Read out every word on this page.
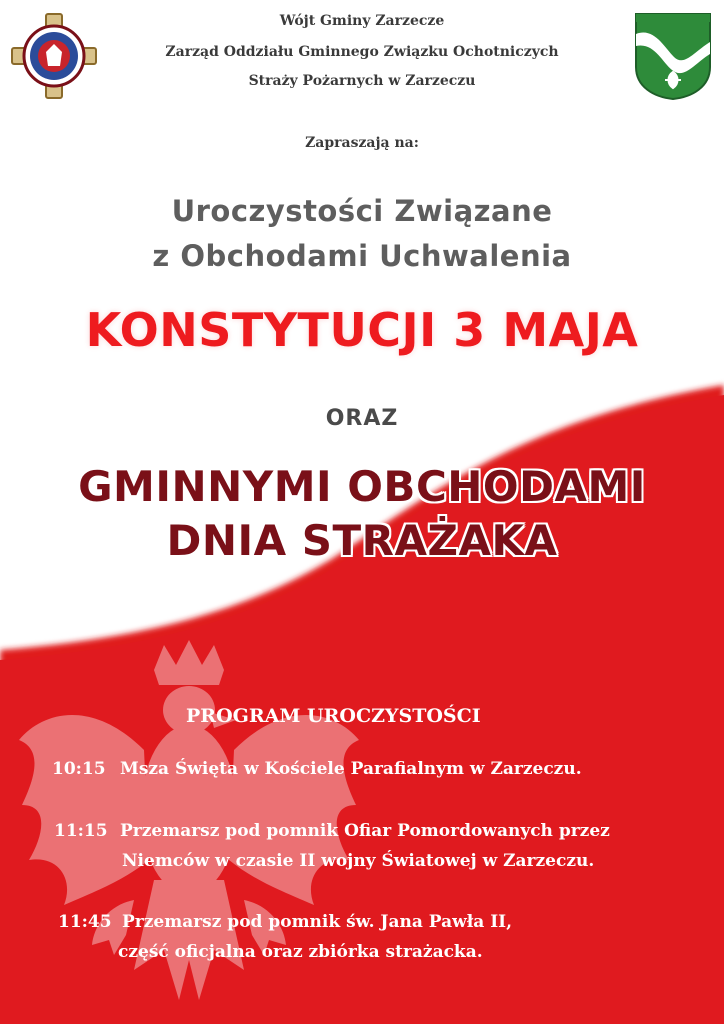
Wójt Gminy Zarzecze
Zarząd Oddziału Gminnego Związku Ochotniczych
Straży Pożarnych w Zarzeczu
Zapraszają na:
Uroczystości Związane
z Obchodami Uchwalenia
KONSTYTUCJI 3 MAJA
ORAZ
GMINNYMI OBCHODAMI
DNIA STRAŻAKA
PROGRAM UROCZYSTOŚCI
10:15 Msza Święta w Kościele Parafialnym w Zarzeczu.
11:15 Przemarsz pod pomnik Ofiar Pomordowanych przez
Niemców w czasie II wojny Światowej w Zarzeczu.
11:45 Przemarsz pod pomnik św. Jana Pawła II,
część oficjalna oraz zbiórka strażacka.
